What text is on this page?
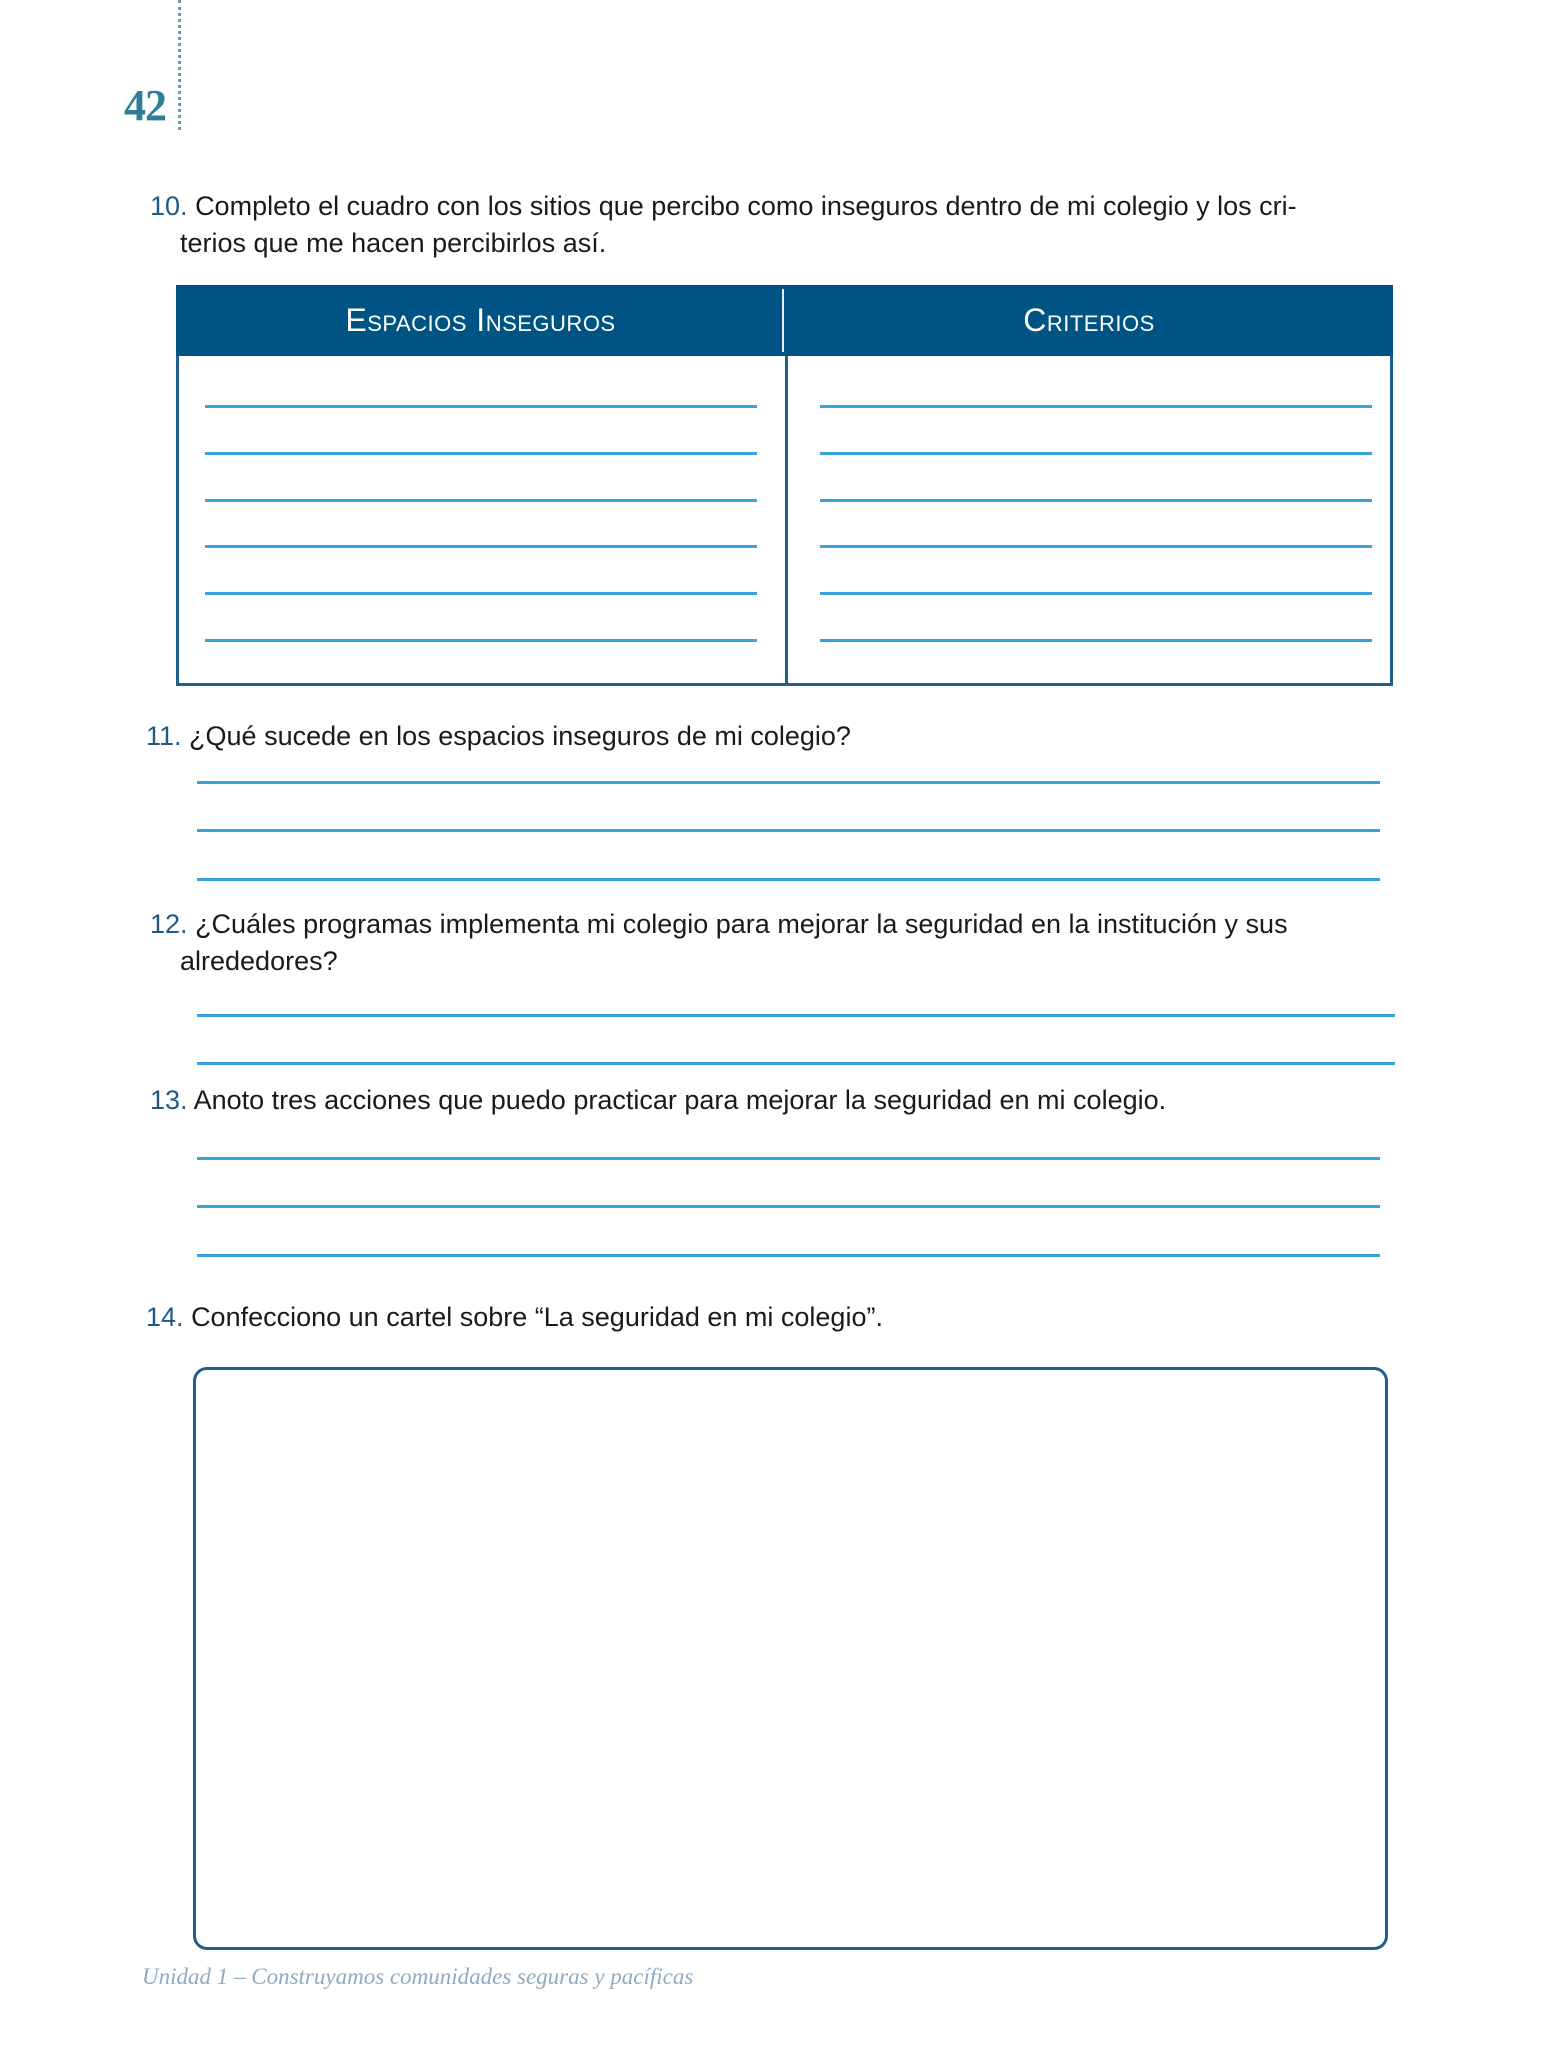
42
10. Completo el cuadro con los sitios que percibo como inseguros dentro de mi colegio y los cri-
terios que me hacen percibirlos así.
Espacios Inseguros	Criterios
11. ¿Qué sucede en los espacios inseguros de mi colegio?
12. ¿Cuáles programas implementa mi colegio para mejorar la seguridad en la institución y sus
alrededores?
13. Anoto tres acciones que puedo practicar para mejorar la seguridad en mi colegio.
14. Confecciono un cartel sobre “La seguridad en mi colegio”.
Unidad 1 – Construyamos comunidades seguras y pacíficas
